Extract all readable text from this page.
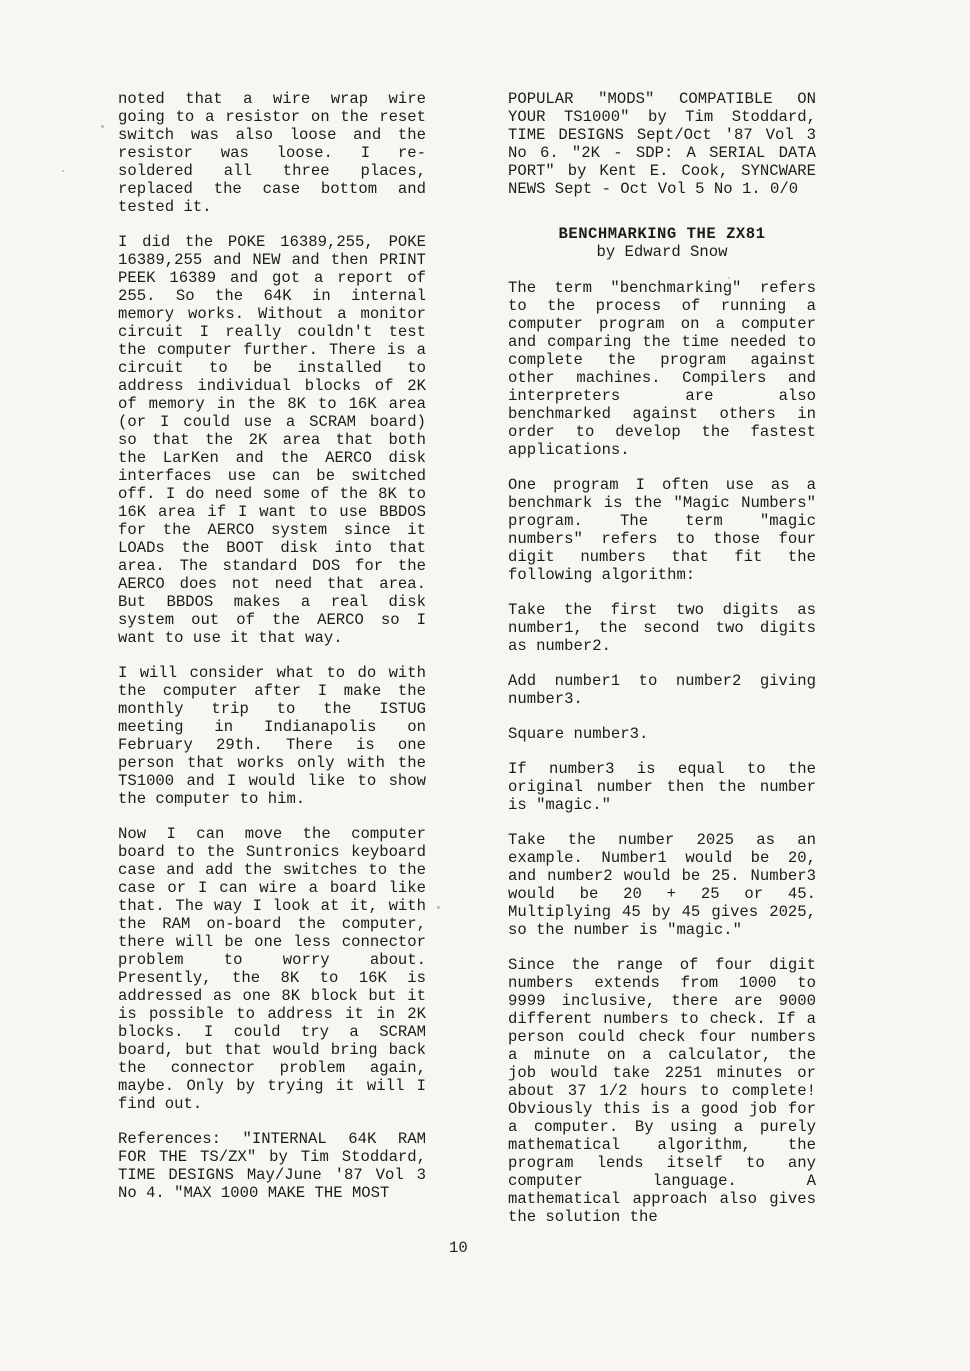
noted that a wire wrap wire going to a resistor on the reset switch was also loose and the resistor was loose. I re-soldered all three places, replaced the case bottom and tested it.

I did the POKE 16389,255, POKE 16389,255 and NEW and then PRINT PEEK 16389 and got a report of 255. So the 64K in internal memory works. Without a monitor circuit I really couldn't test the computer further. There is a circuit to be installed to address individual blocks of 2K of memory in the 8K to 16K area (or I could use a SCRAM board) so that the 2K area that both the LarKen and the AERCO disk interfaces use can be switched off. I do need some of the 8K to 16K area if I want to use BBDOS for the AERCO system since it LOADs the BOOT disk into that area. The standard DOS for the AERCO does not need that area. But BBDOS makes a real disk system out of the AERCO so I want to use it that way.

I will consider what to do with the computer after I make the monthly trip to the ISTUG meeting in Indianapolis on February 29th. There is one person that works only with the TS1000 and I would like to show the computer to him.

Now I can move the computer board to the Suntronics keyboard case and add the switches to the case or I can wire a board like that. The way I look at it, with the RAM on-board the computer, there will be one less connector problem to worry about. Presently, the 8K to 16K is addressed as one 8K block but it is possible to address it in 2K blocks. I could try a SCRAM board, but that would bring back the connector problem again, maybe. Only by trying it will I find out.

References: "INTERNAL 64K RAM FOR THE TS/ZX" by Tim Stoddard, TIME DESIGNS May/June '87 Vol 3 No 4. "MAX 1000 MAKE THE MOST

POPULAR "MODS" COMPATIBLE ON YOUR TS1000" by Tim Stoddard, TIME DESIGNS Sept/Oct '87 Vol 3 No 6. "2K - SDP: A SERIAL DATA PORT" by Kent E. Cook, SYNCWARE NEWS Sept - Oct Vol 5 No 1. 0/0

BENCHMARKING THE ZX81

by Edward Snow

The term "benchmarking" refers to the process of running a computer program on a computer and comparing the time needed to complete the program against other machines. Compilers and interpreters are also benchmarked against others in order to develop the fastest applications.

One program I often use as a benchmark is the "Magic Numbers" program. The term "magic numbers" refers to those four digit numbers that fit the following algorithm:

Take the first two digits as number1, the second two digits as number2.

Add number1 to number2 giving number3.

Square number3.

If number3 is equal to the original number then the number is "magic."

Take the number 2025 as an example. Number1 would be 20, and number2 would be 25. Number3 would be 20 + 25 or 45. Multiplying 45 by 45 gives 2025, so the number is "magic."

Since the range of four digit numbers extends from 1000 to 9999 inclusive, there are 9000 different numbers to check. If a person could check four numbers a minute on a calculator, the job would take 2251 minutes or about 37 1/2 hours to complete! Obviously this is a good job for a computer. By using a purely mathematical algorithm, the program lends itself to any computer language. A mathematical approach also gives the solution the

10
